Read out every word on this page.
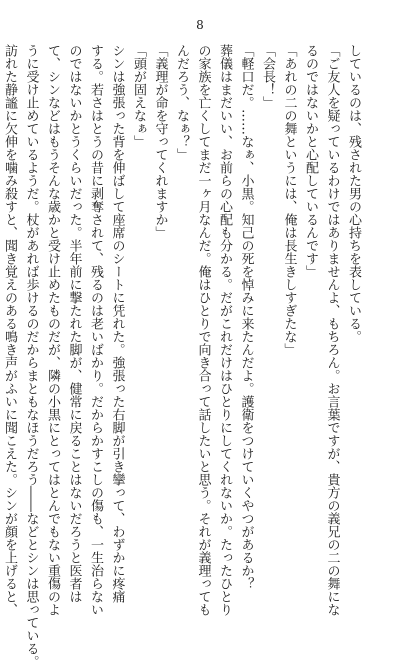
8
しているのは、残された男の心持ちを表している。
「ご友人を疑っているわけではありませんよ、もちろん。お言葉ですが、貴方の義兄の二の舞にな
るのではないかと心配しているんです」
「あれの二の舞というには、俺は長生きしすぎたな」
「会長！」
「軽口だ。……なぁ、小黒。知己の死を悼みに来たんだよ。護衛をつけていくやつがあるか？
葬儀はまだいい、お前らの心配も分かる。だがこれだけはひとりにしてくれないか。たったひとり
の家族を亡くしてまだ一ヶ月なんだ。俺はひとりで向き合って話したいと思う。それが義理っても
んだろう、なぁ？」
「義理が命を守ってくれますか」
「頭が固えなぁ」
シンは強張った背を伸ばして座席のシートに凭れた。強張った右脚が引き攣って、わずかに疼痛
する。若さはとうの昔に剥奪されて、残るのは老いばかり。だからかすこしの傷も、一生治らない
のではないかとうくらいだった。半年前に撃たれた脚が、健常に戻ることはないだろうと医者は
て、シンなどはもうそんな歳かと受け止めたものだが、隣の小黒にとってはとんでもない重傷のよ
うに受け止めているようだ。杖があれば歩けるのだからまともなほうだろう――などとシンは思っている。
訪れた静謐に欠伸を噛み殺すと、聞き覚えのある鳴き声がふいに聞こえた。シンが顔を上げると、
